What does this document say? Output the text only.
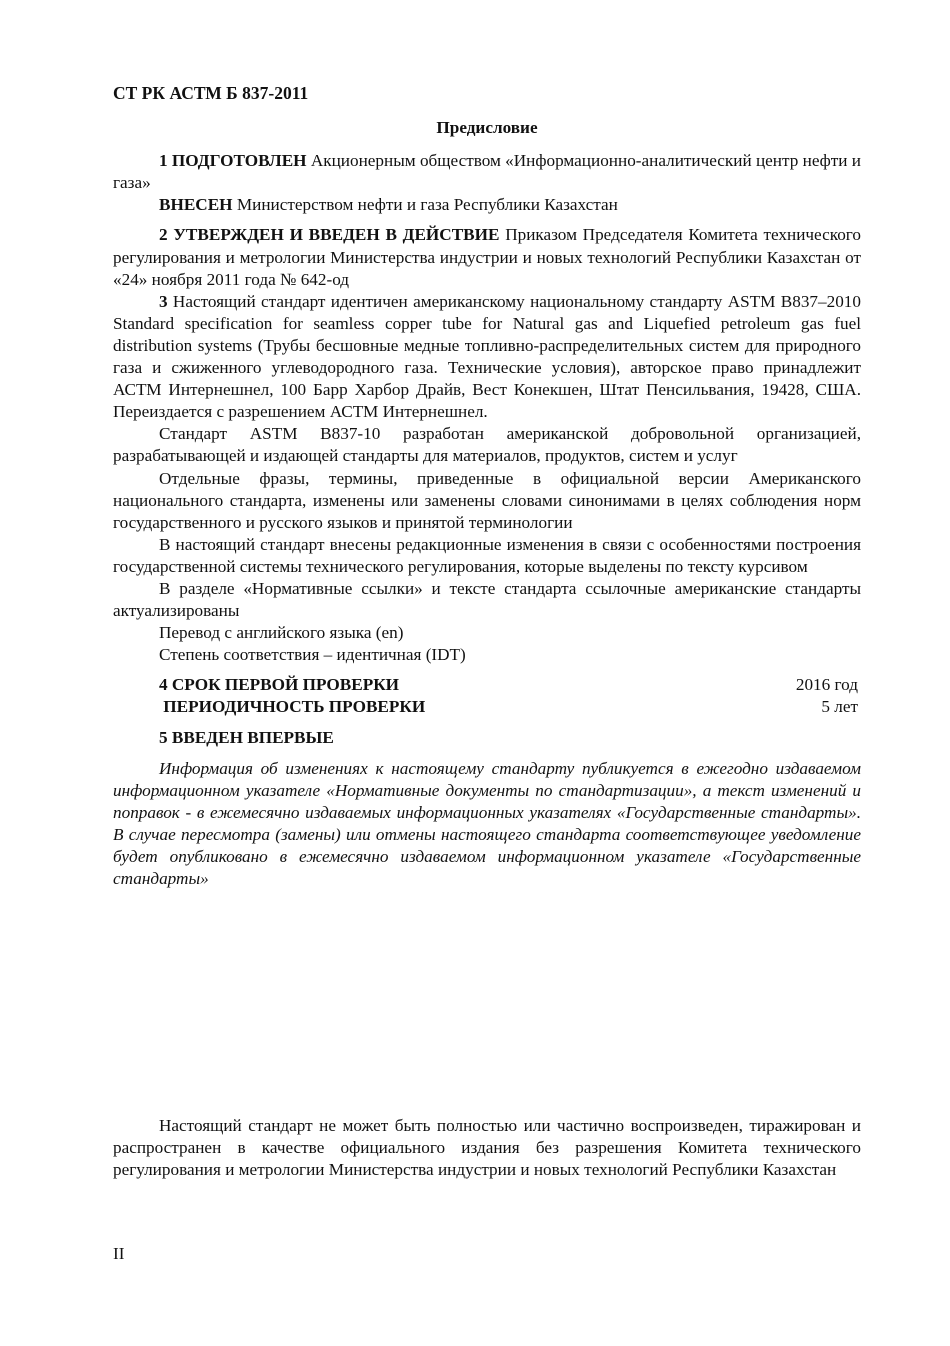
СТ РК АСТМ Б 837-2011
Предисловие

1 ПОДГОТОВЛЕН Акционерным обществом «Информационно-аналитический центр нефти и газа»

ВНЕСЕН Министерством нефти и газа Республики Казахстан

2 УТВЕРЖДЕН И ВВЕДЕН В ДЕЙСТВИЕ Приказом Председателя Комитета технического регулирования и метрологии Министерства индустрии и новых технологий Республики Казахстан от «24» ноября 2011 года № 642-од

3 Настоящий стандарт идентичен американскому национальному стандарту ASTM B837–2010 Standard specification for seamless copper tube for Natural gas and Liquefied petroleum gas fuel distribution systems (Трубы бесшовные медные топливно-распределительных систем для природного газа и сжиженного углеводородного газа. Технические условия), авторское право принадлежит АСТМ Интернешнел, 100 Барр Харбор Драйв, Вест Конекшен, Штат Пенсильвания, 19428, США. Переиздается с разрешением АСТМ Интернешнел.

Стандарт ASTM B837-10 разработан американской добровольной организацией, разрабатывающей и издающей стандарты для материалов, продуктов, систем и услуг

Отдельные фразы, термины, приведенные в официальной версии Американского национального стандарта, изменены или заменены словами синонимами в целях соблюдения норм государственного и русского языков и принятой терминологии

В настоящий стандарт внесены редакционные изменения в связи с особенностями построения государственной системы технического регулирования, которые выделены по тексту курсивом

В разделе «Нормативные ссылки» и тексте стандарта ссылочные американские стандарты актуализированы

Перевод с английского языка (en)

Степень соответствия – идентичная (IDT)

4 СРОК ПЕРВОЙ ПРОВЕРКИ	2016 год
ПЕРИОДИЧНОСТЬ ПРОВЕРКИ	5 лет
5 ВВЕДЕН ВПЕРВЫЕ

Информация об изменениях к настоящему стандарту публикуется в ежегодно издаваемом информационном указателе «Нормативные документы по стандартизации», а текст изменений и поправок - в ежемесячно издаваемых информационных указателях «Государственные стандарты». В случае пересмотра (замены) или отмены настоящего стандарта соответствующее уведомление будет опубликовано в ежемесячно издаваемом информационном указателе «Государственные стандарты»

Настоящий стандарт не может быть полностью или частично воспроизведен, тиражирован и распространен в качестве официального издания без разрешения Комитета технического регулирования и метрологии Министерства индустрии и новых технологий Республики Казахстан

II
